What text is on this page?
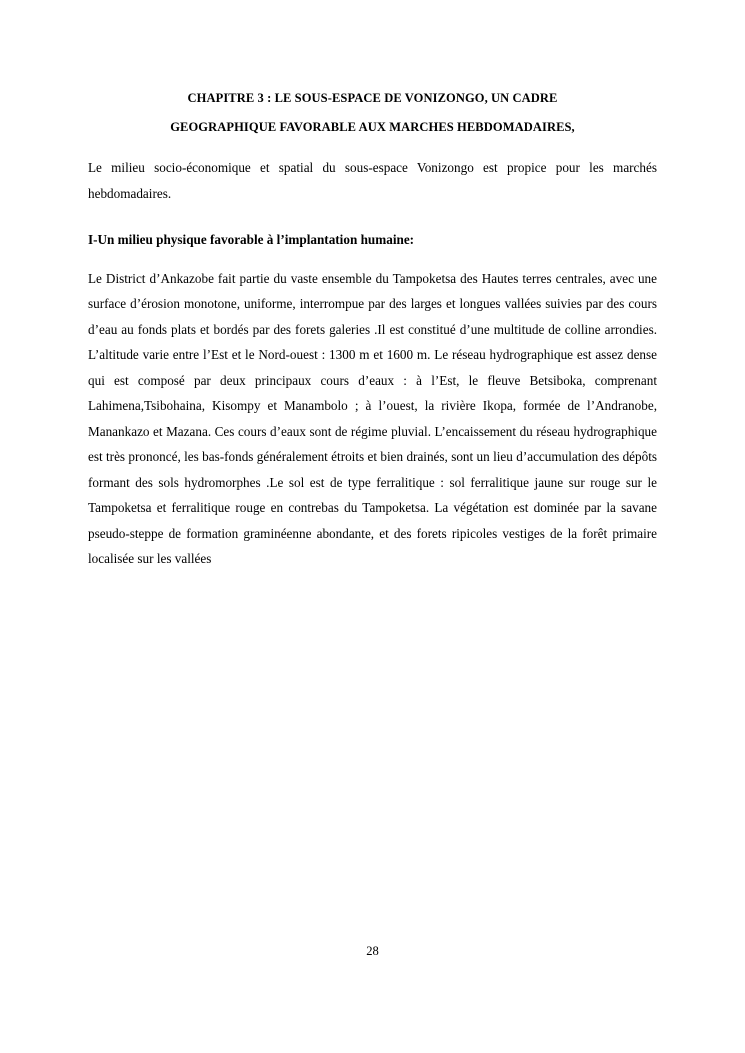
CHAPITRE 3 : LE SOUS-ESPACE DE VONIZONGO, UN CADRE
GEOGRAPHIQUE FAVORABLE AUX MARCHES HEBDOMADAIRES,

Le milieu socio-économique et spatial du sous-espace Vonizongo est propice pour les marchés hebdomadaires.

I-Un milieu physique favorable à l’implantation humaine:

Le District d’Ankazobe fait partie du vaste ensemble du Tampoketsa des Hautes terres centrales, avec une surface d’érosion monotone, uniforme, interrompue par des larges et longues vallées suivies par des cours d’eau au fonds plats et bordés par des forets galeries .Il est constitué d’une multitude de colline arrondies. L’altitude varie entre l’Est et le Nord-ouest : 1300 m et 1600 m. Le réseau hydrographique est assez dense qui est composé par deux principaux cours d’eaux : à l’Est, le fleuve Betsiboka, comprenant Lahimena,Tsibohaina, Kisompy et Manambolo ; à l’ouest, la rivière Ikopa, formée de l’Andranobe, Manankazo et Mazana. Ces cours d’eaux sont de régime pluvial. L’encaissement du réseau hydrographique est très prononcé, les bas-fonds généralement étroits et bien drainés, sont un lieu d’accumulation des dépôts formant des sols hydromorphes .Le sol est de type ferralitique : sol ferralitique jaune sur rouge sur le Tampoketsa et ferralitique rouge en contrebas du Tampoketsa. La végétation est dominée par la savane pseudo-steppe de formation graminéenne abondante, et des forets ripicoles vestiges de la forêt primaire localisée sur les vallées

28
